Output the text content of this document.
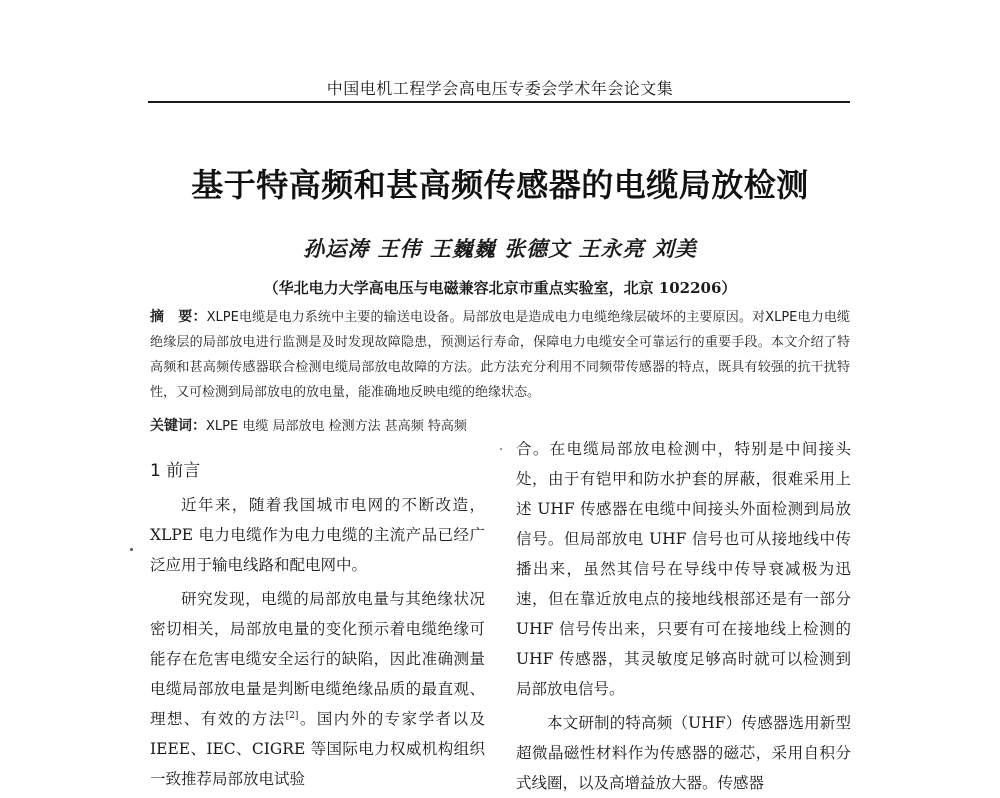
中国电机工程学会高电压专委会学术年会论文集
基于特高频和甚高频传感器的电缆局放检测
孙运涛 王伟 王巍巍 张德文 王永亮 刘美
（华北电力大学高电压与电磁兼容北京市重点实验室，北京 102206）
摘　要：XLPE电缆是电力系统中主要的输送电设备。局部放电是造成电力电缆绝缘层破坏的主要原因。对XLPE电力电缆绝缘层的局部放电进行监测是及时发现故障隐患，预测运行寿命，保障电力电缆安全可靠运行的重要手段。本文介绍了特高频和甚高频传感器联合检测电缆局部放电故障的方法。此方法充分利用不同频带传感器的特点，既具有较强的抗干扰特性，又可检测到局部放电的放电量，能准确地反映电缆的绝缘状态。
关键词：XLPE 电缆 局部放电 检测方法 甚高频 特高频
1 前言

近年来，随着我国城市电网的不断改造，XLPE 电力电缆作为电力电缆的主流产品已经广泛应用于输电线路和配电网中。

研究发现，电缆的局部放电量与其绝缘状况密切相关，局部放电量的变化预示着电缆绝缘可能存在危害电缆安全运行的缺陷，因此准确测量电缆局部放电量是判断电缆绝缘品质的最直观、理想、有效的方法[2]。国内外的专家学者以及 IEEE、IEC、CIGRE 等国际电力权威机构组织一致推荐局部放电试验

合。在电缆局部放电检测中，特别是中间接头处，由于有铠甲和防水护套的屏蔽，很难采用上述 UHF 传感器在电缆中间接头外面检测到局放信号。但局部放电 UHF 信号也可从接地线中传播出来，虽然其信号在导线中传导衰减极为迅速，但在靠近放电点的接地线根部还是有一部分 UHF 信号传出来，只要有可在接地线上检测的 UHF 传感器，其灵敏度足够高时就可以检测到局部放电信号。

本文研制的特高频（UHF）传感器选用新型超微晶磁性材料作为传感器的磁芯，采用自积分式线圈，以及高增益放大器。传感器
